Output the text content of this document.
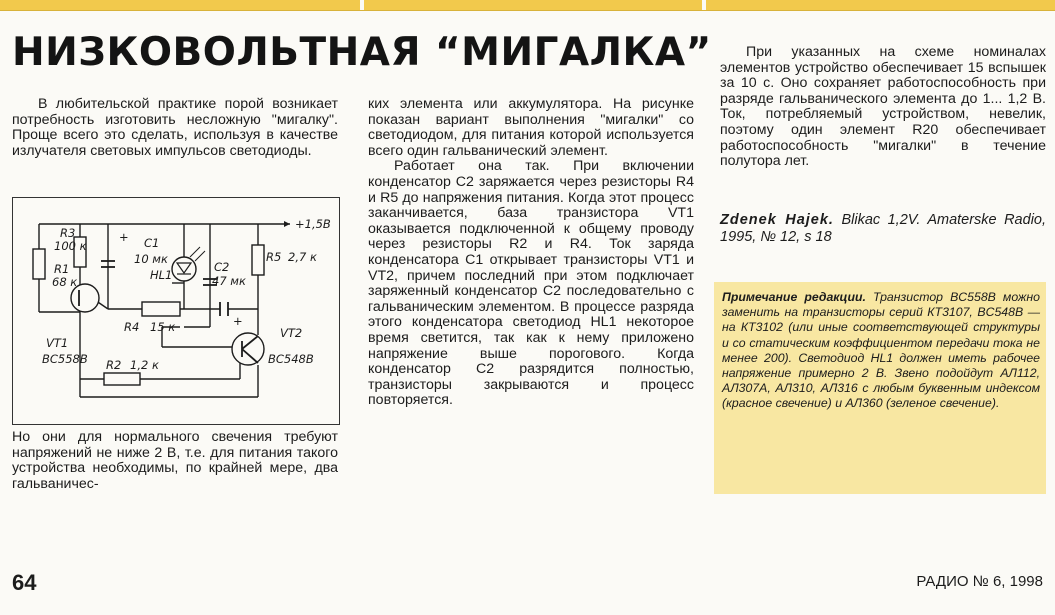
НИЗКОВОЛЬТНАЯ “МИГАЛКА”

В любительской практике порой возникает потребность изготовить несложную "мигалку". Проще всего это сделать, используя в качестве излучателя световых импульсов светодиоды.

+1,5В
R3
100 к
R1
68 к
C1
10 мк
HL1
C2
47 мк
R5 2,7 к
R4 15 к
VT1
BC558B
VT2
BC548B
R2 1,2 к
+
+

Но они для нормального свечения требуют напряжений не ниже 2 В, т.е. для питания такого устройства необходимы, по крайней мере, два гальваничес-

ких элемента или аккумулятора. На рисунке показан вариант выполнения "мигалки" со светодиодом, для питания которой используется всего один гальванический элемент.

Работает она так. При включении конденсатор C2 заряжается через резисторы R4 и R5 до напряжения питания. Когда этот процесс заканчивается, база транзистора VT1 оказывается подключенной к общему проводу через резисторы R2 и R4. Ток заряда конденсатора C1 открывает транзисторы VT1 и VT2, причем последний при этом подключает заряженный конденсатор C2 последовательно с гальваническим элементом. В процессе разряда этого конденсатора светодиод HL1 некоторое время светится, так как к нему приложено напряжение выше порогового. Когда конденсатор C2 разрядится полностью, транзисторы закрываются и процесс повторяется.

При указанных на схеме номиналах элементов устройство обеспечивает 15 вспышек за 10 с. Оно сохраняет работоспособность при разряде гальванического элемента до 1... 1,2 В. Ток, потребляемый устройством, невелик, поэтому один элемент R20 обеспечивает работоспособность "мигалки" в течение полутора лет.

Zdenek Hajek. Blikac 1,2V. Amaterske Radio, 1995, № 12, s 18
Примечание редакции. Транзистор BC558B можно заменить на транзисторы серий КТ3107, BC548B — на КТ3102 (или иные соответствующей структуры и со статическим коэффициентом передачи тока не менее 200). Светодиод HL1 должен иметь рабочее напряжение примерно 2 В. Звено подойдут АЛ112, АЛ307А, АЛ310, АЛ316 с любым буквенным индексом (красное свечение) и АЛ360 (зеленое свечение).
64	РАДИО № 6, 1998
